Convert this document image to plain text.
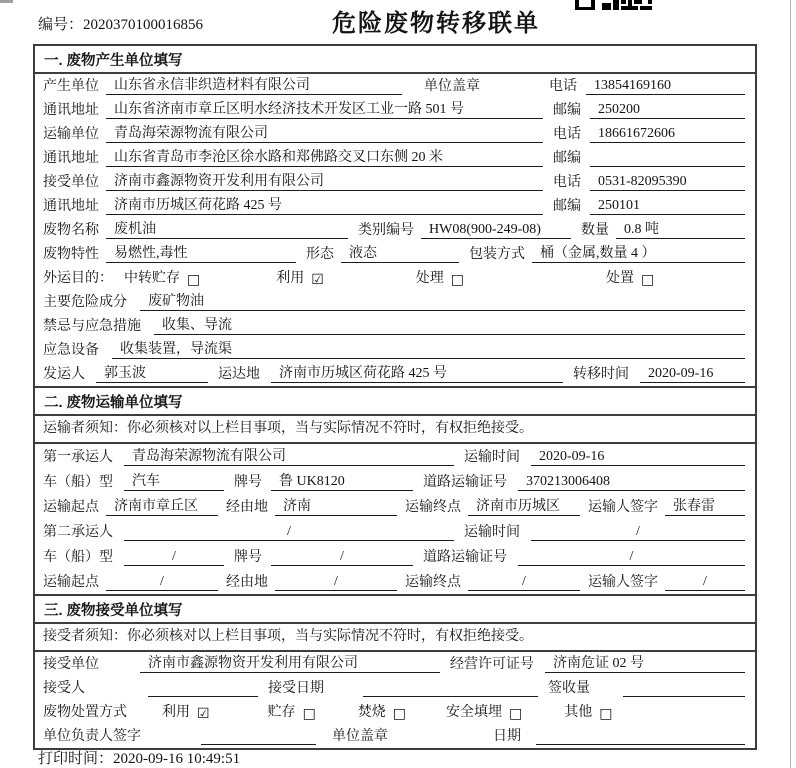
编号：2020370100016856	危险废物转移联单
一. 废物产生单位填写
产生单位	山东省永信非织造材料有限公司	单位盖章	电话	13854169160
通讯地址	山东省济南市章丘区明水经济技术开发区工业一路 501 号	邮编	250200
运输单位	青岛海荣源物流有限公司	电话	18661672606
通讯地址	山东省青岛市李沧区徐水路和郑佛路交叉口东侧 20 米	邮编
接受单位	济南市鑫源物资开发利用有限公司	电话	0531-82095390
通讯地址	济南市历城区荷花路 425 号	邮编	250101
废物名称	废机油	类别编号	HW08(900-249-08)	数量	0.8 吨
废物特性	易燃性,毒性	形态	液态	包装方式	桶（金属,数量 4 ）
外运目的： 中转贮存 □	利用 ☑	处理 □	处置 □
主要危险成分	废矿物油
禁忌与应急措施	收集、导流
应急设备	收集装置，导流渠
发运人	郭玉波	运达地	济南市历城区荷花路 425 号	转移时间	2020-09-16
二. 废物运输单位填写
运输者须知： 你必须核对以上栏目事项，当与实际情况不符时，有权拒绝接受。
第一承运人	青岛海荣源物流有限公司	运输时间	2020-09-16
车（船）型	汽车	牌号	鲁 UK8120	道路运输证号	370213006408
运输起点	济南市章丘区	经由地	济南	运输终点	济南市历城区	运输人签字	张春雷
第二承运人	/	运输时间	/
车（船）型	/	牌号	/	道路运输证号	/
运输起点	/	经由地	/	运输终点	/	运输人签字	/
三. 废物接受单位填写
接受者须知： 你必须核对以上栏目事项，当与实际情况不符时，有权拒绝接受。
接受单位	济南市鑫源物资开发利用有限公司	经营许可证号	济南危证 02 号
接受人	接受日期	签收量
废物处置方式	利用 ☑	贮存 □	焚烧 □	安全填埋 □	其他 □
单位负责人签字	单位盖章	日期
打印时间：2020-09-16 10:49:51
